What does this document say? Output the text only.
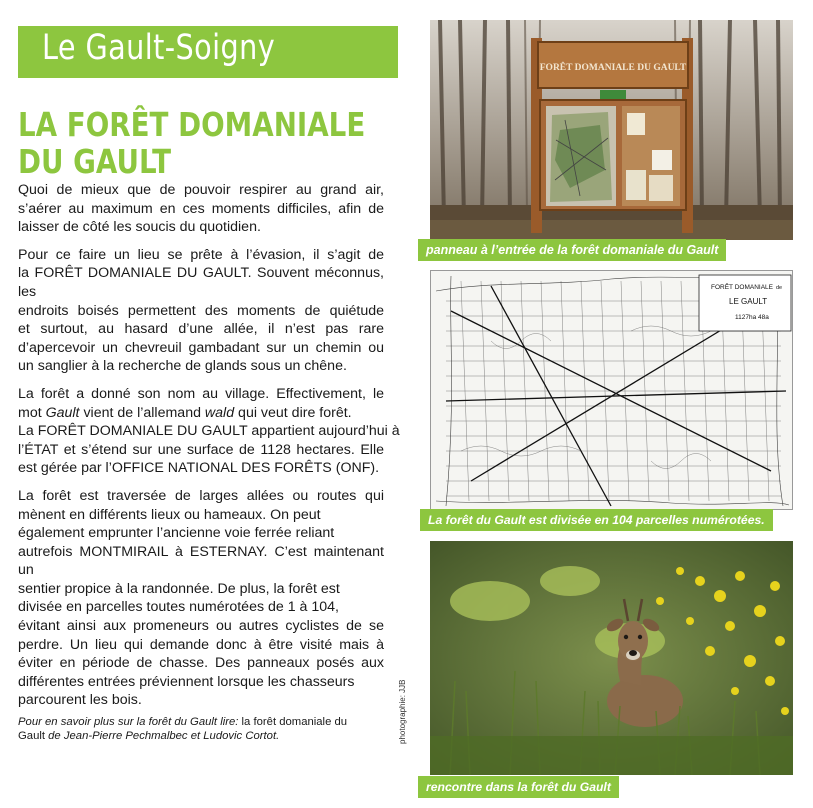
Le Gault-Soigny
LA FORÊT DOMANIALE
DU GAULT

Quoi de mieux que de pouvoir respirer au grand air,
s’aérer au maximum en ces moments difficiles, afin de
laisser de côté les soucis du quotidien.

Pour ce faire un lieu se prête à l’évasion, il s’agit de
la FORÊT DOMANIALE DU GAULT. Souvent méconnus, les
endroits boisés permettent des moments de quiétude
et surtout, au hasard d’une allée, il n’est pas rare
d’apercevoir un chevreuil gambadant sur un chemin ou
un sanglier à la recherche de glands sous un chêne.

La forêt a donné son nom au village. Effectivement, le
mot Gault vient de l’allemand wald qui veut dire forêt.
La FORÊT DOMANIALE DU GAULT appartient aujourd’hui à
l’ÉTAT et s’étend sur une surface de 1128 hectares. Elle
est gérée par l’OFFICE NATIONAL DES FORÊTS (ONF).

La forêt est traversée de larges allées ou routes qui
mènent en différents lieux ou hameaux. On peut
également emprunter l’ancienne voie ferrée reliant
autrefois MONTMIRAIL à ESTERNAY. C’est maintenant un
sentier propice à la randonnée. De plus, la forêt est
divisée en parcelles toutes numérotées de 1 à 104,
évitant ainsi aux promeneurs ou autres cyclistes de se
perdre. Un lieu qui demande donc à être visité mais à
éviter en période de chasse. Des panneaux posés aux
différentes entrées préviennent lorsque les chasseurs
parcourent les bois.

Pour en savoir plus sur la forêt du Gault lire: la forêt domaniale du
Gault de Jean-Pierre Pechmalbec et Ludovic Cortot.
FORÊT DOMANIALE DU GAULT
panneau à l’entrée de la forêt domaniale du Gault
FORÊT DOMANIALE de
LE GAULT
1127ha 48a
La forêt du Gault est divisée en 104 parcelles numérotées.
rencontre dans la forêt du Gault
photographie: JJB
